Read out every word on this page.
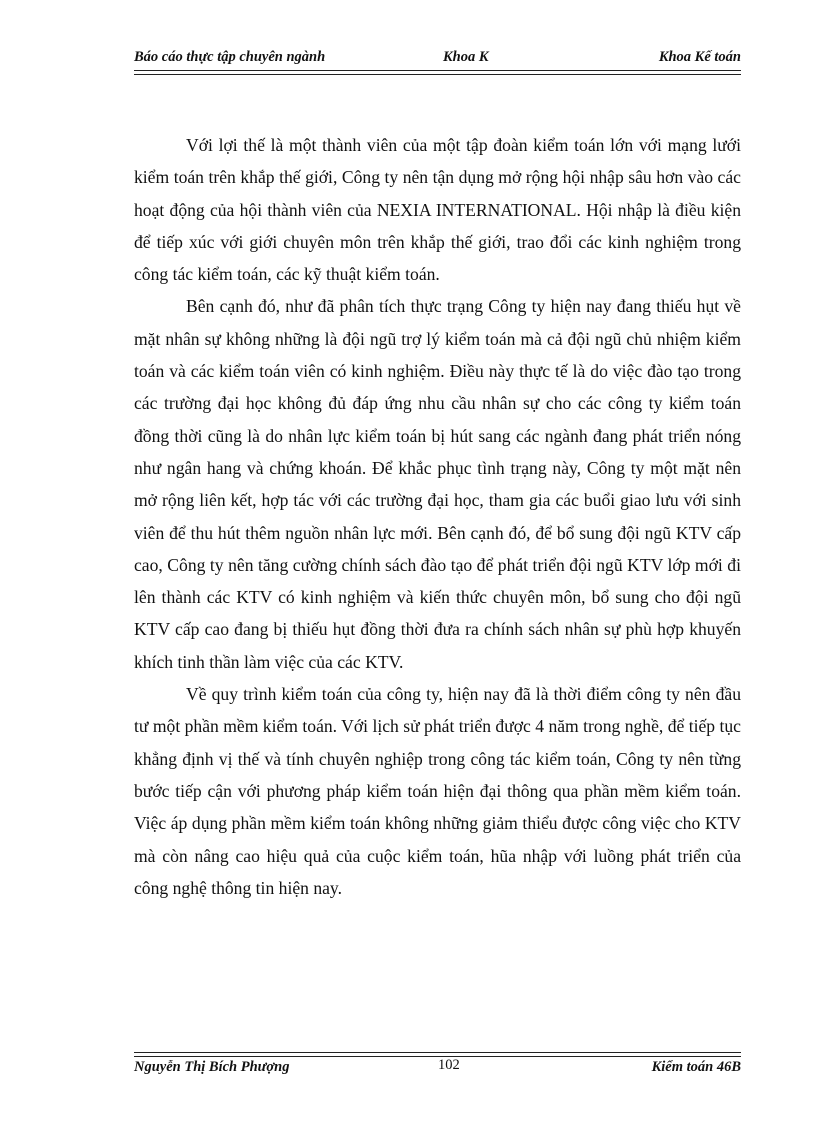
Báo cáo thực tập chuyên ngành	Khoa K	Khoa Kế toán

Với lợi thế là một thành viên của một tập đoàn kiểm toán lớn với mạng lưới kiểm toán trên khắp thế giới, Công ty nên tận dụng mở rộng hội nhập sâu hơn vào các hoạt động của hội thành viên của NEXIA INTERNATIONAL. Hội nhập là điều kiện để tiếp xúc với giới chuyên môn trên khắp thế giới, trao đổi các kinh nghiệm trong công tác kiểm toán, các kỹ thuật kiểm toán.

Bên cạnh đó, như đã phân tích thực trạng Công ty hiện nay đang thiếu hụt về mặt nhân sự không những là đội ngũ trợ lý kiểm toán mà cả đội ngũ chủ nhiệm kiểm toán và các kiểm toán viên có kinh nghiệm. Điều này thực tế là do việc đào tạo trong các trường đại học không đủ đáp ứng nhu cầu nhân sự cho các công ty kiểm toán đồng thời cũng là do nhân lực kiểm toán bị hút sang các ngành đang phát triển nóng như ngân hang và chứng khoán. Để khắc phục tình trạng này, Công ty một mặt nên mở rộng liên kết, hợp tác với các trường đại học, tham gia các buổi giao lưu với sinh viên để thu hút thêm nguồn nhân lực mới. Bên cạnh đó, để bổ sung đội ngũ KTV cấp cao, Công ty nên tăng cường chính sách đào tạo để phát triển đội ngũ KTV lớp mới đi lên thành các KTV có kinh nghiệm và kiến thức chuyên môn, bổ sung cho đội ngũ KTV cấp cao đang bị thiếu hụt đồng thời đưa ra chính sách nhân sự phù hợp khuyến khích tinh thần làm việc của các KTV.

Về quy trình kiểm toán của công ty, hiện nay đã là thời điểm công ty nên đầu tư một phần mềm kiểm toán. Với lịch sử phát triển được 4 năm trong nghề, để tiếp tục khẳng định vị thế và tính chuyên nghiệp trong công tác kiểm toán, Công ty nên từng bước tiếp cận với phương pháp kiểm toán hiện đại thông qua phần mềm kiểm toán. Việc áp dụng phần mềm kiểm toán không những giảm thiểu được công việc cho KTV mà còn nâng cao hiệu quả của cuộc kiểm toán, hũa nhập với luồng phát triển của công nghệ thông tin hiện nay.

Nguyễn Thị Bích Phượng	102	Kiểm toán 46B
